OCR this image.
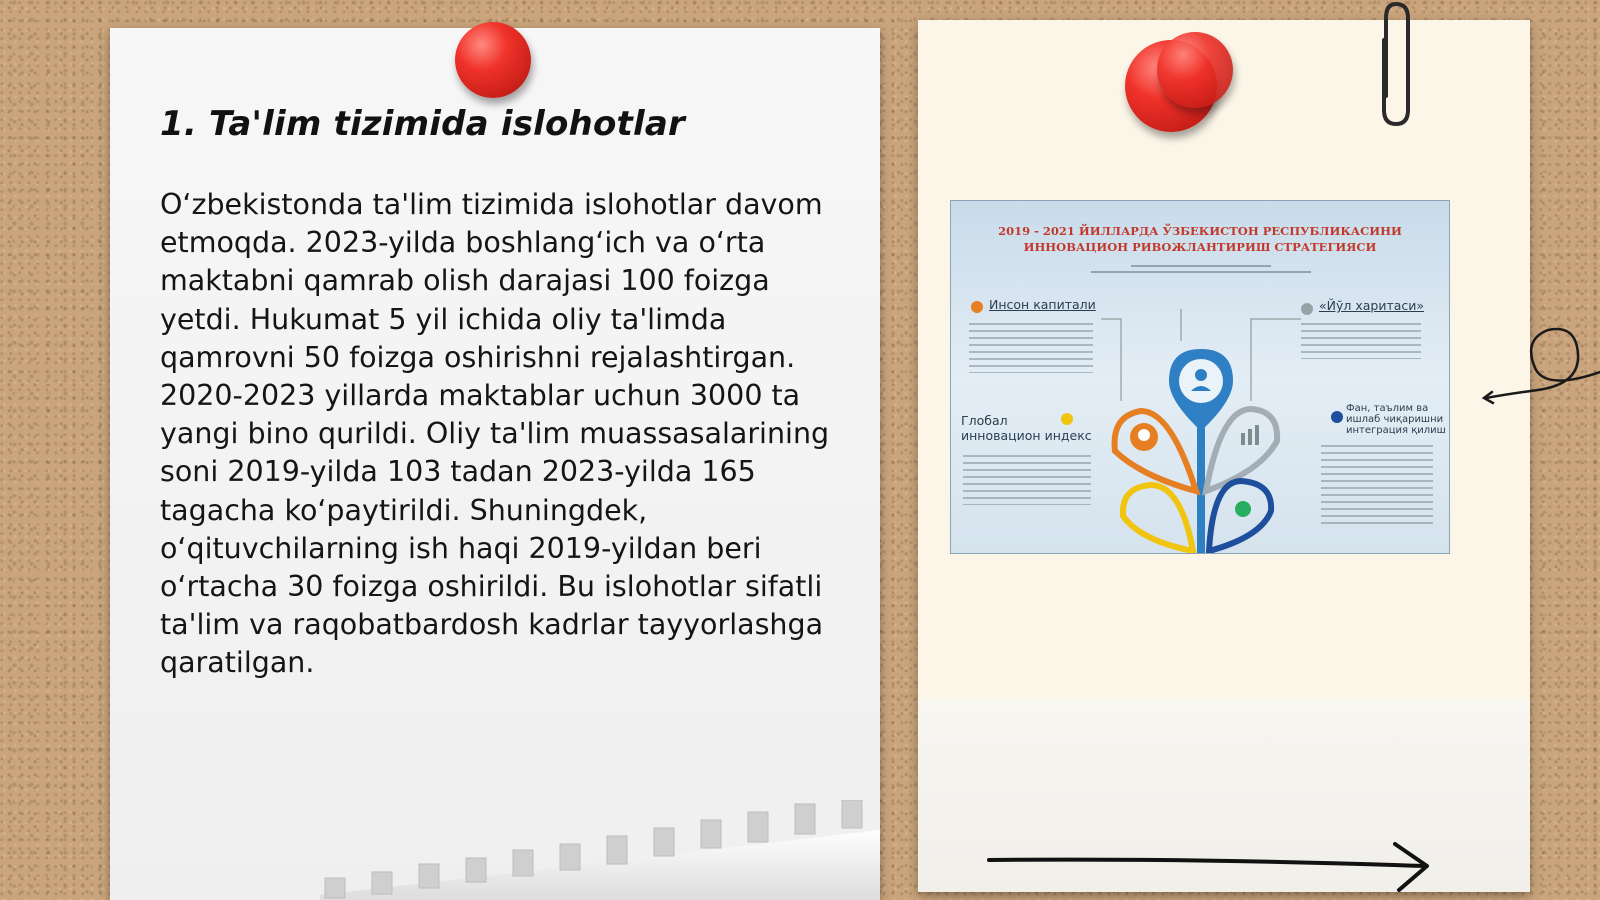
1. Ta'lim tizimida islohotlar

O‘zbekistonda ta'lim tizimida islohotlar davom etmoqda. 2023-yilda boshlang‘ich va o‘rta maktabni qamrab olish darajasi 100 foizga yetdi. Hukumat 5 yil ichida oliy ta'limda qamrovni 50 foizga oshirishni rejalashtirgan. 2020-2023 yillarda maktablar uchun 3000 ta yangi bino qurildi. Oliy ta'lim muassasalarining soni 2019-yilda 103 tadan 2023-yilda 165 tagacha ko‘paytirildi. Shuningdek, o‘qituvchilarning ish haqi 2019-yildan beri o‘rtacha 30 foizga oshirildi. Bu islohotlar sifatli ta'lim va raqobatbardosh kadrlar tayyorlashga qaratilgan.

2019 - 2021 ЙИЛЛАРДА ЎЗБЕКИСТОН РЕСПУБЛИКАСИНИ
ИННОВАЦИОН РИВОЖЛАНТИРИШ СТРАТЕГИЯСИ
Инсон капитали	«Йўл харитаси»
Глобал
инновацион индекс
Фан, таълим ва
ишлаб чиқаришни
интеграция қилиш
